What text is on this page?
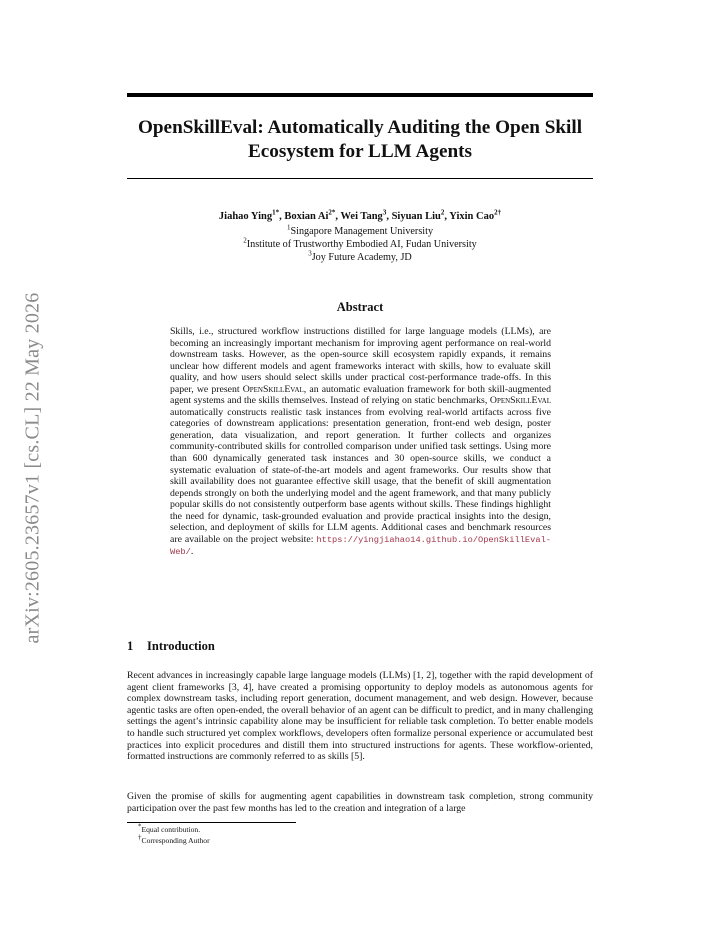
arXiv:2605.23657v1 [cs.CL] 22 May 2026
OpenSkillEval: Automatically Auditing the Open Skill Ecosystem for LLM Agents
Jiahao Ying$^{1*}$, Boxian $Ai^{2*}$, Wei Tang$^3$, Siyuan Liu$^2$, Yixin Cao$^{2\dagger}$
$^1$Singapore Management University
$^2$Institute of Trustworthy Embodied AI, Fudan University
$^3$Joy Future Academy, JD
Abstract

Skills, i.e., structured workflow instructions distilled for large language models (LLMs), are becoming an increasingly important mechanism for improving agent performance on real-world downstream tasks. However, as the open-source skill ecosystem rapidly expands, it remains unclear how different models and agent frameworks interact with skills, how to evaluate skill quality, and how users should select skills under practical cost-performance trade-offs. In this paper, we present OpenSkillEval, an automatic evaluation framework for both skill-augmented agent systems and the skills themselves. Instead of relying on static benchmarks, OpenSkillEval automatically constructs realistic task instances from evolving real-world artifacts across five categories of downstream applications: presentation generation, front-end web design, poster generation, data visualization, and report generation. It further collects and organizes community-contributed skills for controlled comparison under unified task settings. Using more than 600 dynamically generated task instances and 30 open-source skills, we conduct a systematic evaluation of state-of-the-art models and agent frameworks. Our results show that skill availability does not guarantee effective skill usage, that the benefit of skill augmentation depends strongly on both the underlying model and the agent framework, and that many publicly popular skills do not consistently outperform base agents without skills. These findings highlight the need for dynamic, task-grounded evaluation and provide practical insights into the design, selection, and deployment of skills for LLM agents. Additional cases and benchmark resources are available on the project website: https://yingjiahao14.github.io/OpenSkillEval-Web/.

1 Introduction

Recent advances in increasingly capable large language models (LLMs) [1, 2], together with the rapid development of agent client frameworks [3, 4], have created a promising opportunity to deploy models as autonomous agents for complex downstream tasks, including report generation, document management, and web design. However, because agentic tasks are often open-ended, the overall behavior of an agent can be difficult to predict, and in many challenging settings the agent’s intrinsic capability alone may be insufficient for reliable task completion. To better enable models to handle such structured yet complex workflows, developers often formalize personal experience or accumulated best practices into explicit procedures and distill them into structured instructions for agents. These workflow-oriented, formatted instructions are commonly referred to as skills [5].

Given the promise of skills for augmenting agent capabilities in downstream task completion, strong community participation over the past few months has led to the creation and integration of a large

*Equal contribution.
†Corresponding Author
